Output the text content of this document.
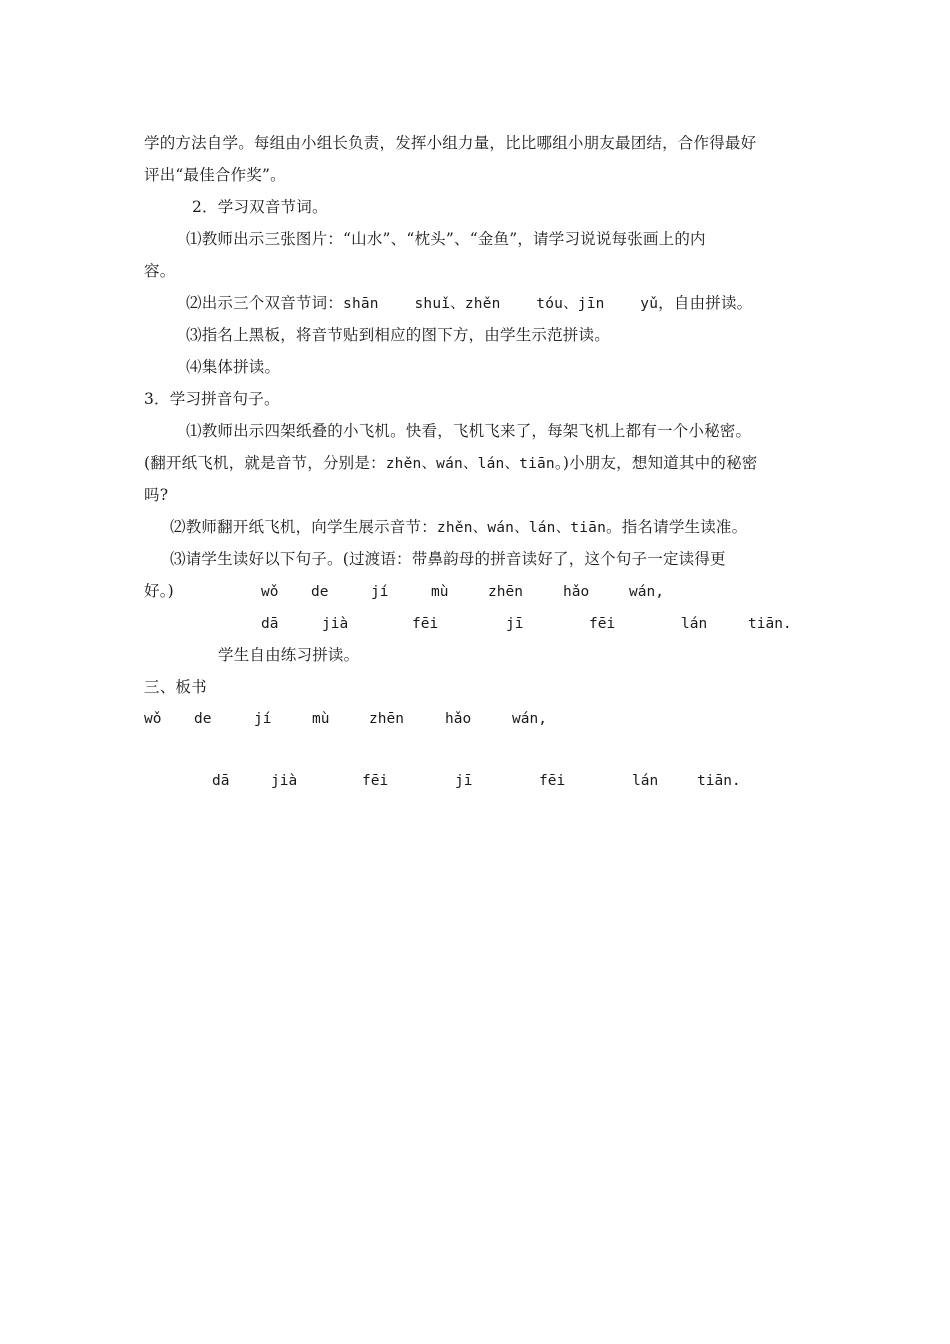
学的方法自学。每组由小组长负责，发挥小组力量，比比哪组小朋友最团结，合作得最好
评出“最佳合作奖”。
2．学习双音节词。
⑴教师出示三张图片：“山水”、“枕头”、“金鱼”，请学习说说每张画上的内
容。
⑵出示三个双音节词：shān    shuǐ、zhěn    tóu、jīn    yǔ，自由拼读。
⑶指名上黑板，将音节贴到相应的图下方，由学生示范拼读。
⑷集体拼读。
3．学习拼音句子。
⑴教师出示四架纸叠的小飞机。快看，飞机飞来了，每架飞机上都有一个小秘密。
(翻开纸飞机，就是音节，分别是：zhěn、wán、lán、tiān。)小朋友，想知道其中的秘密
吗?
⑵教师翻开纸飞机，向学生展示音节：zhěn、wán、lán、tiān。指名请学生读准。
⑶请学生读好以下句子。(过渡语：带鼻韵母的拼音读好了，这个句子一定读得更
好。)	wǒ de	jí	mù	zhēn	hǎo	wán,
dā	jià	fēi	jī	fēi	lán	tiān.
学生自由练习拼读。
三、板书
wǒ de	jí	mù	zhēn	hǎo	wán,
dā	jià	fēi	jī	fēi	lán	tiān.
